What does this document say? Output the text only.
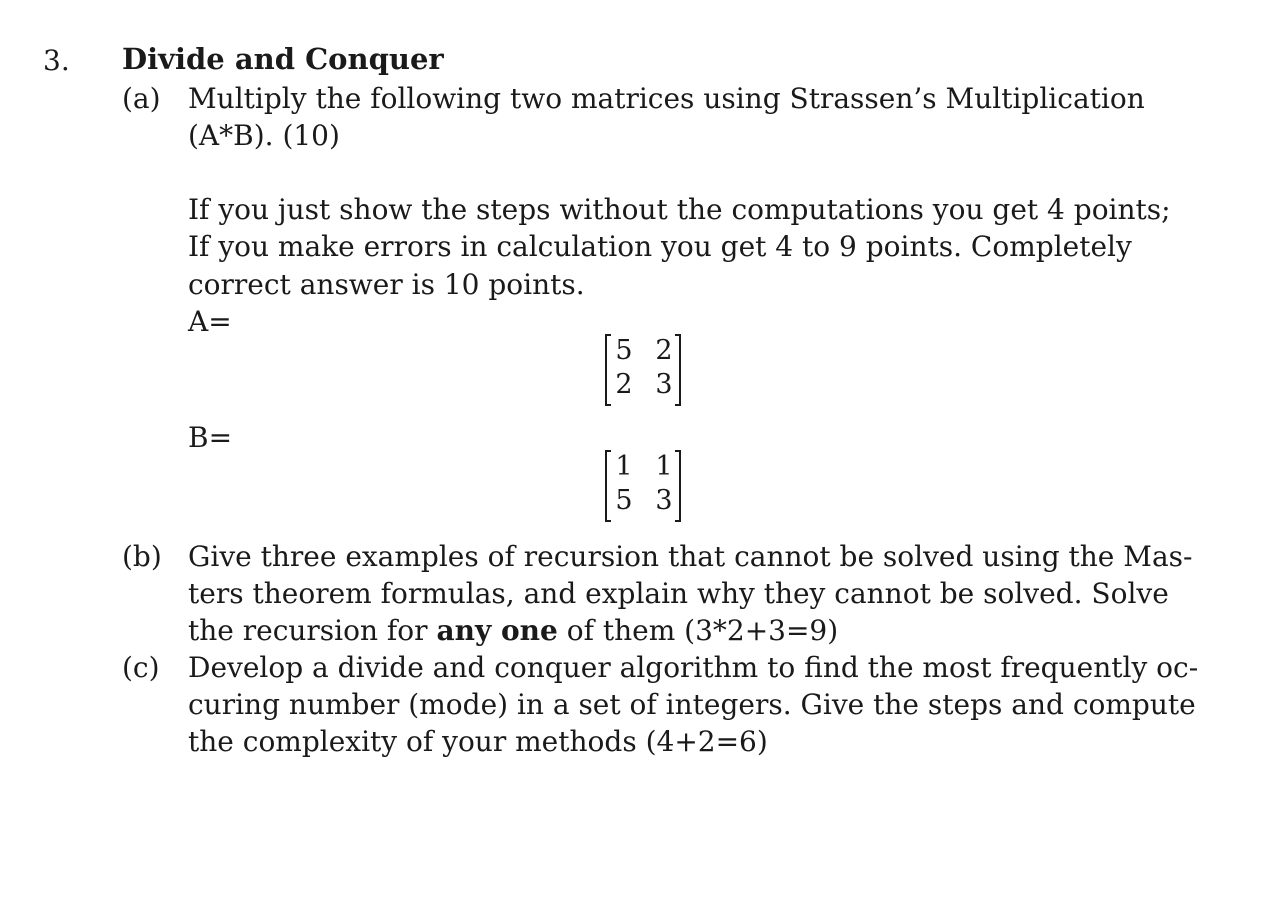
3. Divide and Conquer
(a) Multiply the following two matrices using Strassen’s Multiplication
(A*B). (10)
If you just show the steps without the computations you get 4 points;
If you make errors in calculation you get 4 to 9 points. Completely
correct answer is 10 points.
A=
5 2
2 3
B=
1 1
5 3
(b) Give three examples of recursion that cannot be solved using the Mas-
ters theorem formulas, and explain why they cannot be solved. Solve
the recursion for any one of them (3*2+3=9)
(c) Develop a divide and conquer algorithm to find the most frequently oc-
curing number (mode) in a set of integers. Give the steps and compute
the complexity of your methods (4+2=6)
